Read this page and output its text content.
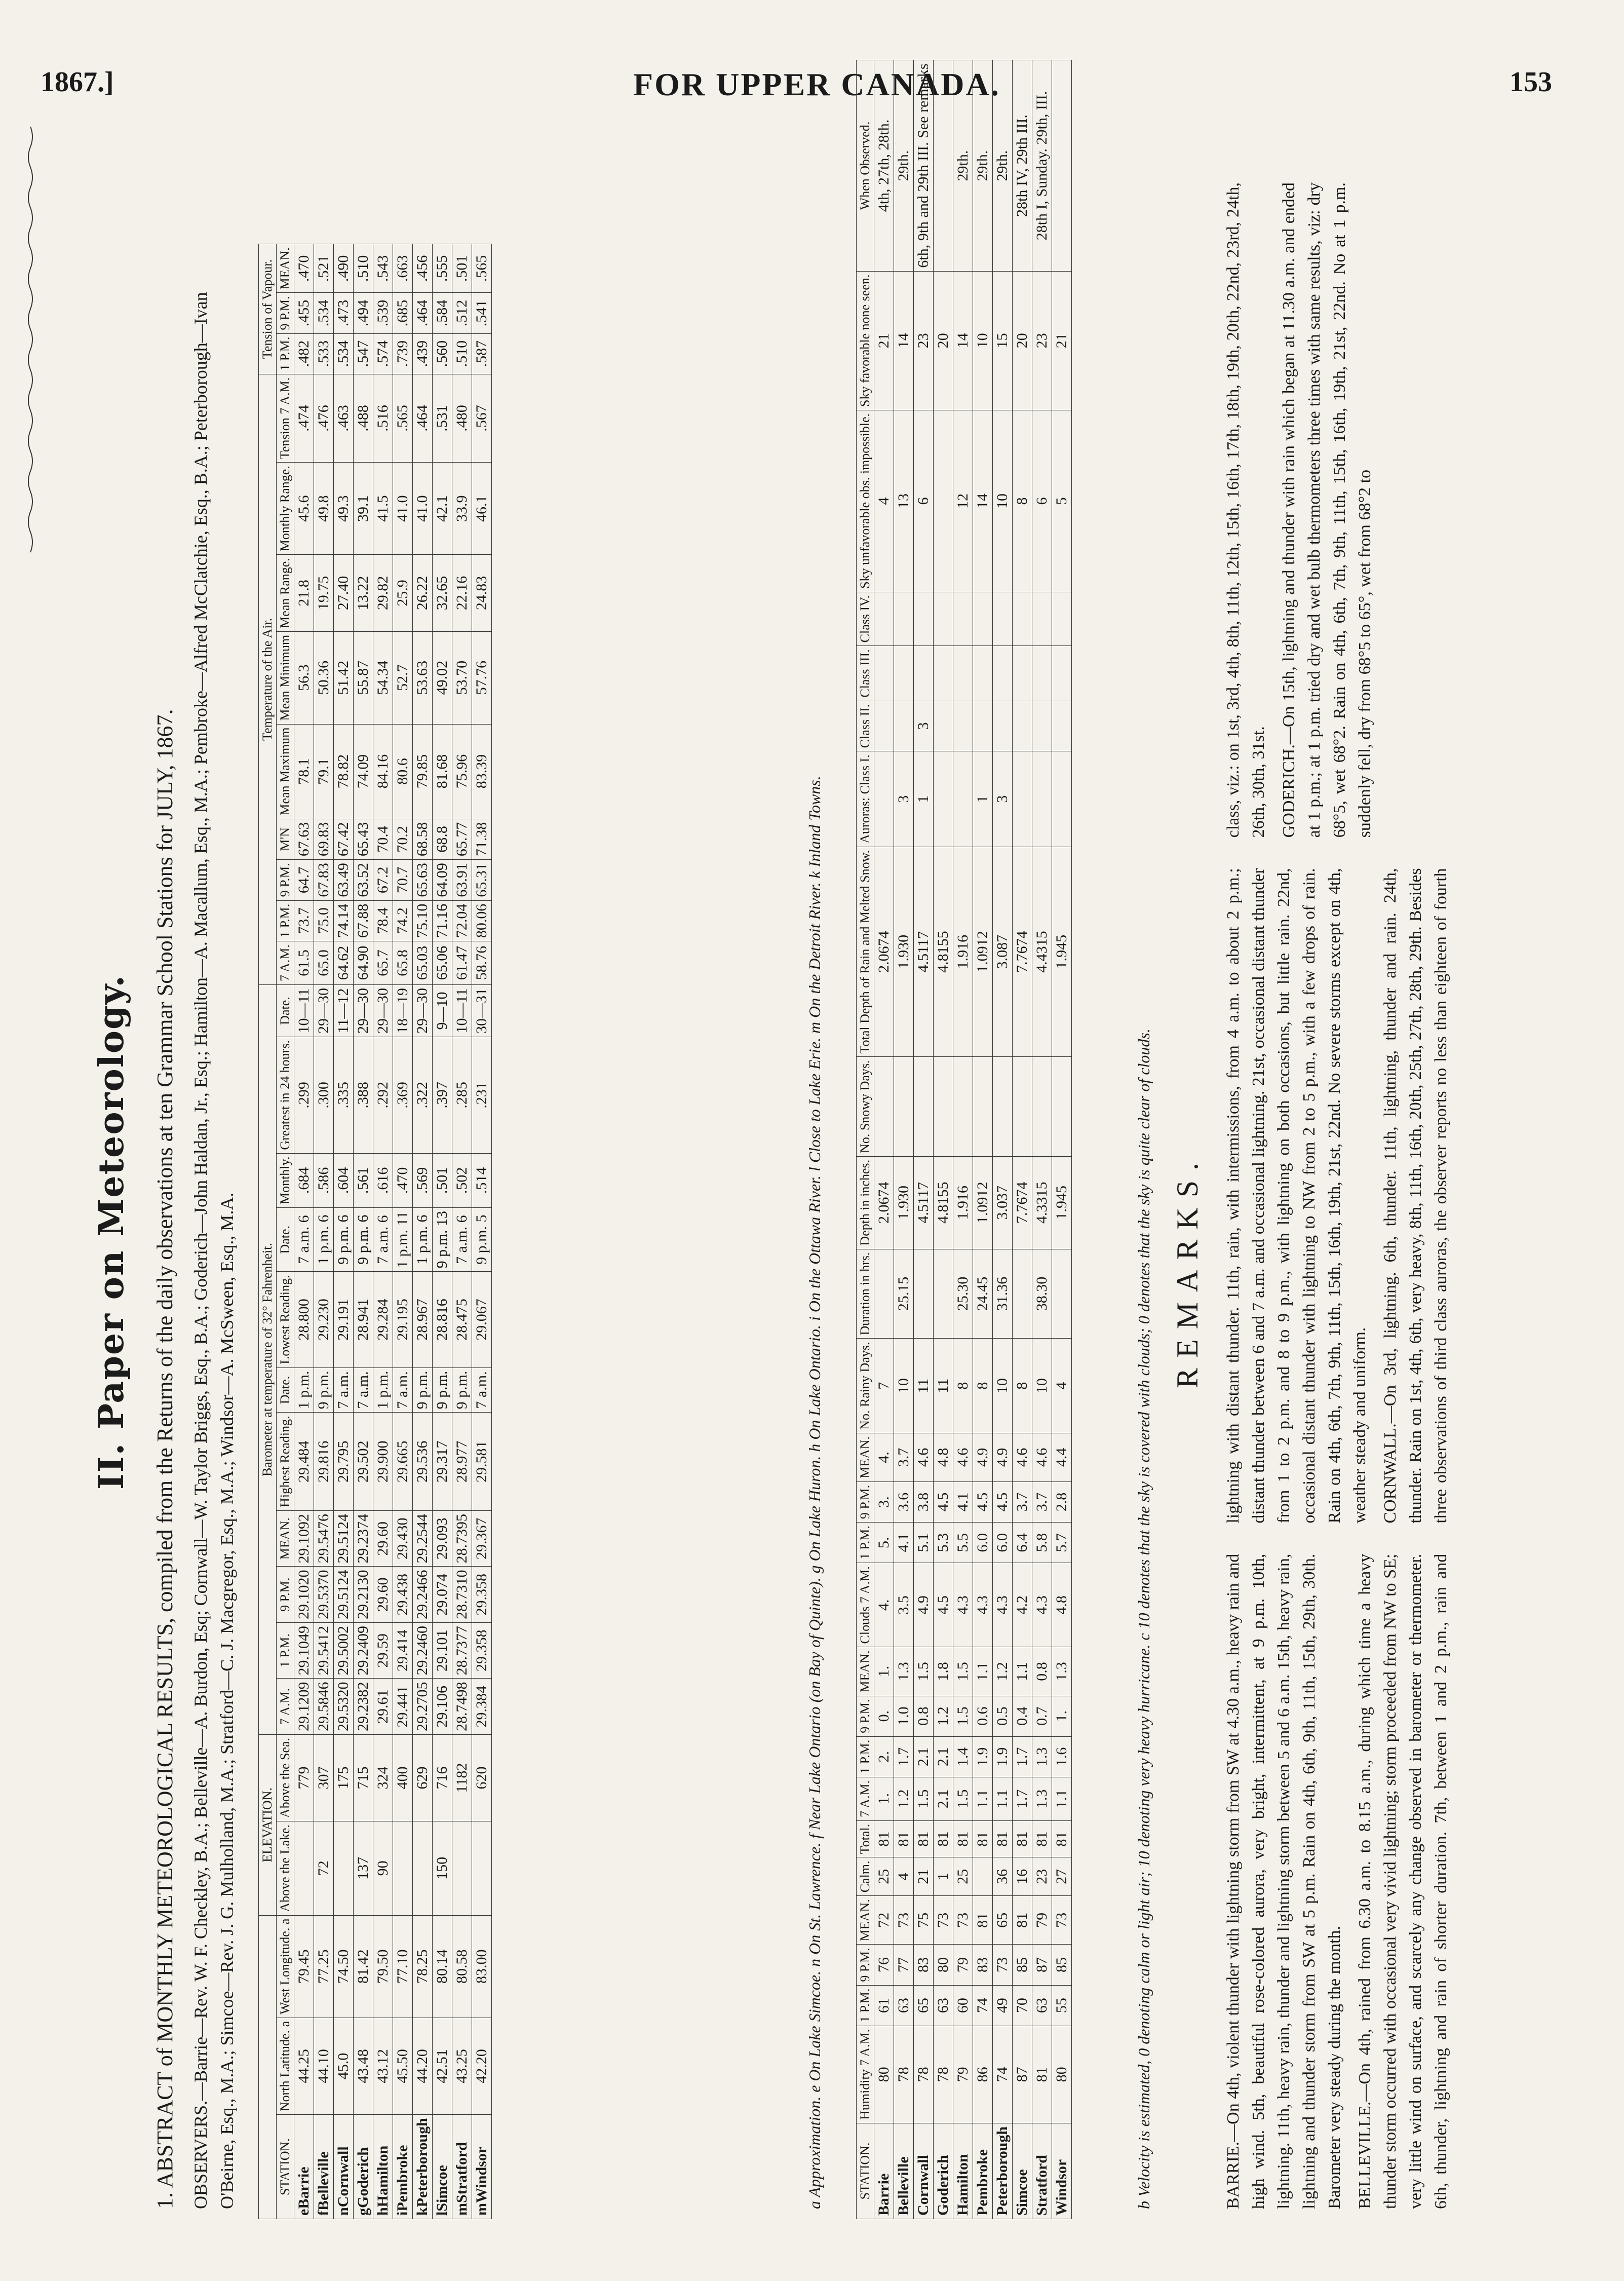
1867.]	FOR UPPER CANADA.	153
II. Paper on Meteorology. 1. ABSTRACT of MONTHLY METEOROLOGICAL RESULTS, compiled from the Returns of the daily observations at ten Grammar School Stations for JULY, 1867. OBSERVERS.—Barrie—Rev. W. F. Checkley, B.A.; Belleville—A. Burdon, Esq; Cornwall—W. Taylor Briggs, Esq., B.A.; Goderich—John Haldan, Jr., Esq.; Hamilton—A. Macallum, Esq., M.A.; Pembroke—Alfred McClatchie, Esq., B.A.; Peterborough—Ivan O'Beirne, Esq., M.A.; Simcoe—Rev. J. G. Mulholland, M.A.; Stratford—C. J. Macgregor, Esq., M.A.; Windsor—A. McSween, Esq., M.A.
			ELEVATION.		Barometer at temperature of 32° Fahrenheit.											Temperature of the Air.									Tension of Vapour.		
STATION.	North Latitude. a	West Longitude. a	Above the Lake.	Above the Sea.	7 A.M.	1 P.M.	9 P.M.	MEAN.	Highest Reading.	Date.	Lowest Reading.	Date.	Monthly.	Greatest in 24 hours.	Date.	7 A.M.	1 P.M.	9 P.M.	M'N	Mean Maximum	Mean Minimum	Mean Range.	Monthly Range.	Tension 7 A.M.	1 P.M.	9 P.M.	MEAN.
eBarrie	44.25	79.45		779	29.1209	29.1049	29.1020	29.1092	29.484	1 p.m.	28.800	7 a.m. 6	.684	.299	10—11	61.5	73.7	64.7	67.63	78.1	56.3	21.8	45.6	.474	.482	.455	.470
fBelleville	44.10	77.25	72	307	29.5846	29.5412	29.5370	29.5476	29.816	9 p.m.	29.230	1 p.m. 6	.586	.300	29—30	65.0	75.0	67.83	69.83	79.1	50.36	19.75	49.8	.476	.533	.534	.521
nCornwall	45.0	74.50		175	29.5320	29.5002	29.5124	29.5124	29.795	7 a.m.	29.191	9 p.m. 6	.604	.335	11—12	64.62	74.14	63.49	67.42	78.82	51.42	27.40	49.3	.463	.534	.473	.490
gGoderich	43.48	81.42	137	715	29.2382	29.2409	29.2130	29.2374	29.502	7 a.m.	28.941	9 p.m. 6	.561	.388	29—30	64.90	67.88	63.52	65.43	74.09	55.87	13.22	39.1	.488	.547	.494	.510
hHamilton	43.12	79.50	90	324	29.61	29.59	29.60	29.60	29.900	1 p.m.	29.284	7 a.m. 6	.616	.292	29—30	65.7	78.4	67.2	70.4	84.16	54.34	29.82	41.5	.516	.574	.539	.543
iPembroke	45.50	77.10		400	29.441	29.414	29.438	29.430	29.665	7 a.m.	29.195	1 p.m. 11	.470	.369	18—19	65.8	74.2	70.7	70.2	80.6	52.7	25.9	41.0	.565	.739	.685	.663
kPeterborough	44.20	78.25		629	29.2705	29.2460	29.2466	29.2544	29.536	9 p.m.	28.967	1 p.m. 6	.569	.322	29—30	65.03	75.10	65.63	68.58	79.85	53.63	26.22	41.0	.464	.439	.464	.456
lSimcoe	42.51	80.14	150	716	29.106	29.101	29.074	29.093	29.317	9 p.m.	28.816	9 p.m. 13	.501	.397	9—10	65.06	71.16	64.09	68.8	81.68	49.02	32.65	42.1	.531	.560	.584	.555
mStratford	43.25	80.58		1182	28.7498	28.7377	28.7310	28.7395	28.977	9 p.m.	28.475	7 a.m. 6	.502	.285	10—11	61.47	72.04	63.91	65.77	75.96	53.70	22.16	33.9	.480	.510	.512	.501
mWindsor	42.20	83.00		620	29.384	29.358	29.358	29.367	29.581	7 a.m.	29.067	9 p.m. 5	.514	.231	30—31	58.76	80.06	65.31	71.38	83.39	57.76	24.83	46.1	.567	.587	.541	.565
a Approximation. e On Lake Simcoe. n On St. Lawrence. f Near Lake Ontario (on Bay of Quinte). g On Lake Huron. h On Lake Ontario. i On the Ottawa River. l Close to Lake Erie. m On the Detroit River. k Inland Towns.	STATION.	Humidity 7 A.M.	1 P.M.	9 P.M.	MEAN.	Calm.	Total.	7 A.M.	1 P.M.	9 P.M.	MEAN.	Clouds 7 A.M.	1 P.M.	9 P.M.	MEAN.	No. Rainy Days.	Duration in hrs.	Depth in inches.	No. Snowy Days.	Total Depth of Rain and Melted Snow.	Auroras: Class I.	Class II.	Class III.	Class IV.	Sky unfavorable obs. impossible.	Sky favorable none seen.	When Observed.
Barrie	80	61	76	72	25	81	1.	2.	0.	1.	4.	5.	3.	4.	7		2.0674		2.0674					4	21	4th, 27th, 28th.
Belleville	78	63	77	73	4	81	1.2	1.7	1.0	1.3	3.5	4.1	3.6	3.7	10	25.15	1.930		1.930	3				13	14	29th.
Cornwall	78	65	83	75	21	81	1.5	2.1	0.8	1.5	4.9	5.1	3.8	4.6	11		4.5117		4.5117	1	3			6	23	6th, 9th and 29th III. See remarks
Goderich	78	63	80	73	1	81	2.1	2.1	1.2	1.8	4.5	5.3	4.5	4.8	11		4.8155		4.8155						20	
Hamilton	79	60	79	73	25	81	1.5	1.4	1.5	1.5	4.3	5.5	4.1	4.6	8	25.30	1.916		1.916					12	14	29th.
Pembroke	86	74	83	81		81	1.1	1.9	0.6	1.1	4.3	6.0	4.5	4.9	8	24.45	1.0912		1.0912	1				14	10	29th.
Peterborough	74	49	73	65	36	81	1.1	1.9	0.5	1.2	4.3	6.0	4.5	4.9	10	31.36	3.037		3.087	3				10	15	29th.
Simcoe	87	70	85	81	16	81	1.7	1.7	0.4	1.1	4.2	6.4	3.7	4.6	8		7.7674		7.7674					8	20	28th IV, 29th III.
Stratford	81	63	87	79	23	81	1.3	1.3	0.7	0.8	4.3	5.8	3.7	4.6	10	38.30	4.3315		4.4315					6	23	28th I, Sunday. 29th, III.
Windsor	80	55	85	73	27	81	1.1	1.6	1.	1.3	4.8	5.7	2.8	4.4	4		1.945		1.945					5	21	
b Velocity is estimated, 0 denoting calm or light air; 10 denoting very heavy hurricane. c 10 denotes that the sky is covered with clouds; 0 denotes that the sky is quite clear of clouds. REMARKS.

BARRIE.—On 4th, violent thunder with lightning storm from SW at 4.30 a.m., heavy rain and high wind. 5th, beautiful rose-colored aurora, very bright, intermittent, at 9 p.m. 10th, lightning. 11th, heavy rain, thunder and lightning storm between 5 and 6 a.m. 15th, heavy rain, lightning and thunder storm from SW at 5 p.m. Rain on 4th, 6th, 9th, 11th, 15th, 29th, 30th. Barometer very steady during the month. BELLEVILLE.—On 4th, rained from 6.30 a.m. to 8.15 a.m., during which time a heavy thunder storm occurred with occasional very vivid lightning; storm proceeded from NW to SE; very little wind on surface, and scarcely any change observed in barometer or thermometer. 6th, thunder, lightning and rain of shorter duration. 7th, between 1 and 2 p.m., rain and lightning with distant thunder. 11th, rain, with intermissions, from 4 a.m. to about 2 p.m.; distant thunder between 6 and 7 a.m. and occasional lightning. 21st, occasional distant thunder from 1 to 2 p.m. and 8 to 9 p.m., with lightning on both occasions, but little rain. 22nd, occasional distant thunder with lightning to NW from 2 to 5 p.m., with a few drops of rain. Rain on 4th, 6th, 7th, 9th, 11th, 15th, 16th, 19th, 21st, 22nd. No severe storms except on 4th, weather steady and uniform. CORNWALL.—On 3rd, lightning. 6th, thunder. 11th, lightning, thunder and rain. 24th, thunder. Rain on 1st, 4th, 6th, very heavy, 8th, 11th, 16th, 20th, 25th, 27th, 28th, 29th. Besides three observations of third class auroras, the observer reports no less than eighteen of fourth class, viz.: on 1st, 3rd, 4th, 8th, 11th, 12th, 15th, 16th, 17th, 18th, 19th, 20th, 22nd, 23rd, 24th, 26th, 30th, 31st. GODERICH.—On 15th, lightning and thunder with rain which began at 11.30 a.m. and ended at 1 p.m.; at 1 p.m. tried dry and wet bulb thermometers three times with same results, viz: dry 68°5, wet 68°2. Rain on 4th, 6th, 7th, 9th, 11th, 15th, 16th, 19th, 21st, 22nd. No at 1 p.m. suddenly fell, dry from 68°5 to 65°, wet from 68°2 to
